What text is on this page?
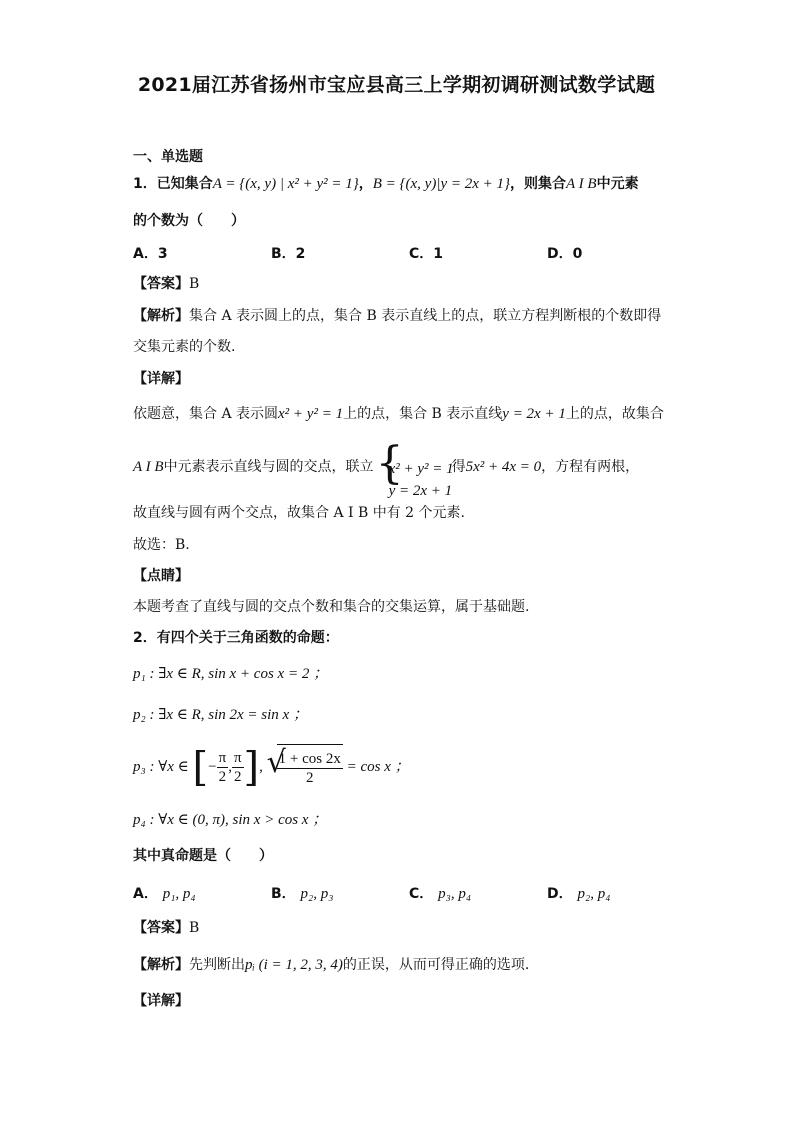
2021届江苏省扬州市宝应县高三上学期初调研测试数学试题
一、单选题
1．已知集合A = {(x, y) | x² + y² = 1}，B = {(x, y)|y = 2x + 1}，则集合A I B中元素
的个数为（　　）
A．3	B．2	C．1	D．0
【答案】B
【解析】集合 A 表示圆上的点，集合 B 表示直线上的点，联立方程判断根的个数即得
交集元素的个数.
【详解】
依题意，集合 A 表示圆x² + y² = 1上的点，集合 B 表示直线y = 2x + 1上的点，故集合
A I B中元素表示直线与圆的交点，联立 {
x² + y² = 1
y = 2x + 1
得5x² + 4x = 0，方程有两根，
故直线与圆有两个交点，故集合 A I B 中有 2 个元素.
故选：B.
【点睛】
本题考查了直线与圆的交点个数和集合的交集运算，属于基础题.
2．有四个关于三角函数的命题：
p₁ : ∃x ∈ R, sin x + cos x = 2 ；
p₂ : ∃x ∈ R, sin 2x = sin x ；
p₃ : ∀x ∈ [− $\frac{\pi}{2}$ , $\frac{\pi}{2}$ ], √
$\frac{1 + \cos 2x}{2} = \cos x$ ；
p₄ : ∀x ∈ (0, π), sin x > cos x ；
其中真命题是（　　）
A． p₁, p₄	B． p₂, p₃	C． p₃, p₄	D． p₂, p₄
【答案】B
【解析】先判断出pᵢ (i = 1, 2, 3, 4)的正误，从而可得正确的选项.
【详解】
